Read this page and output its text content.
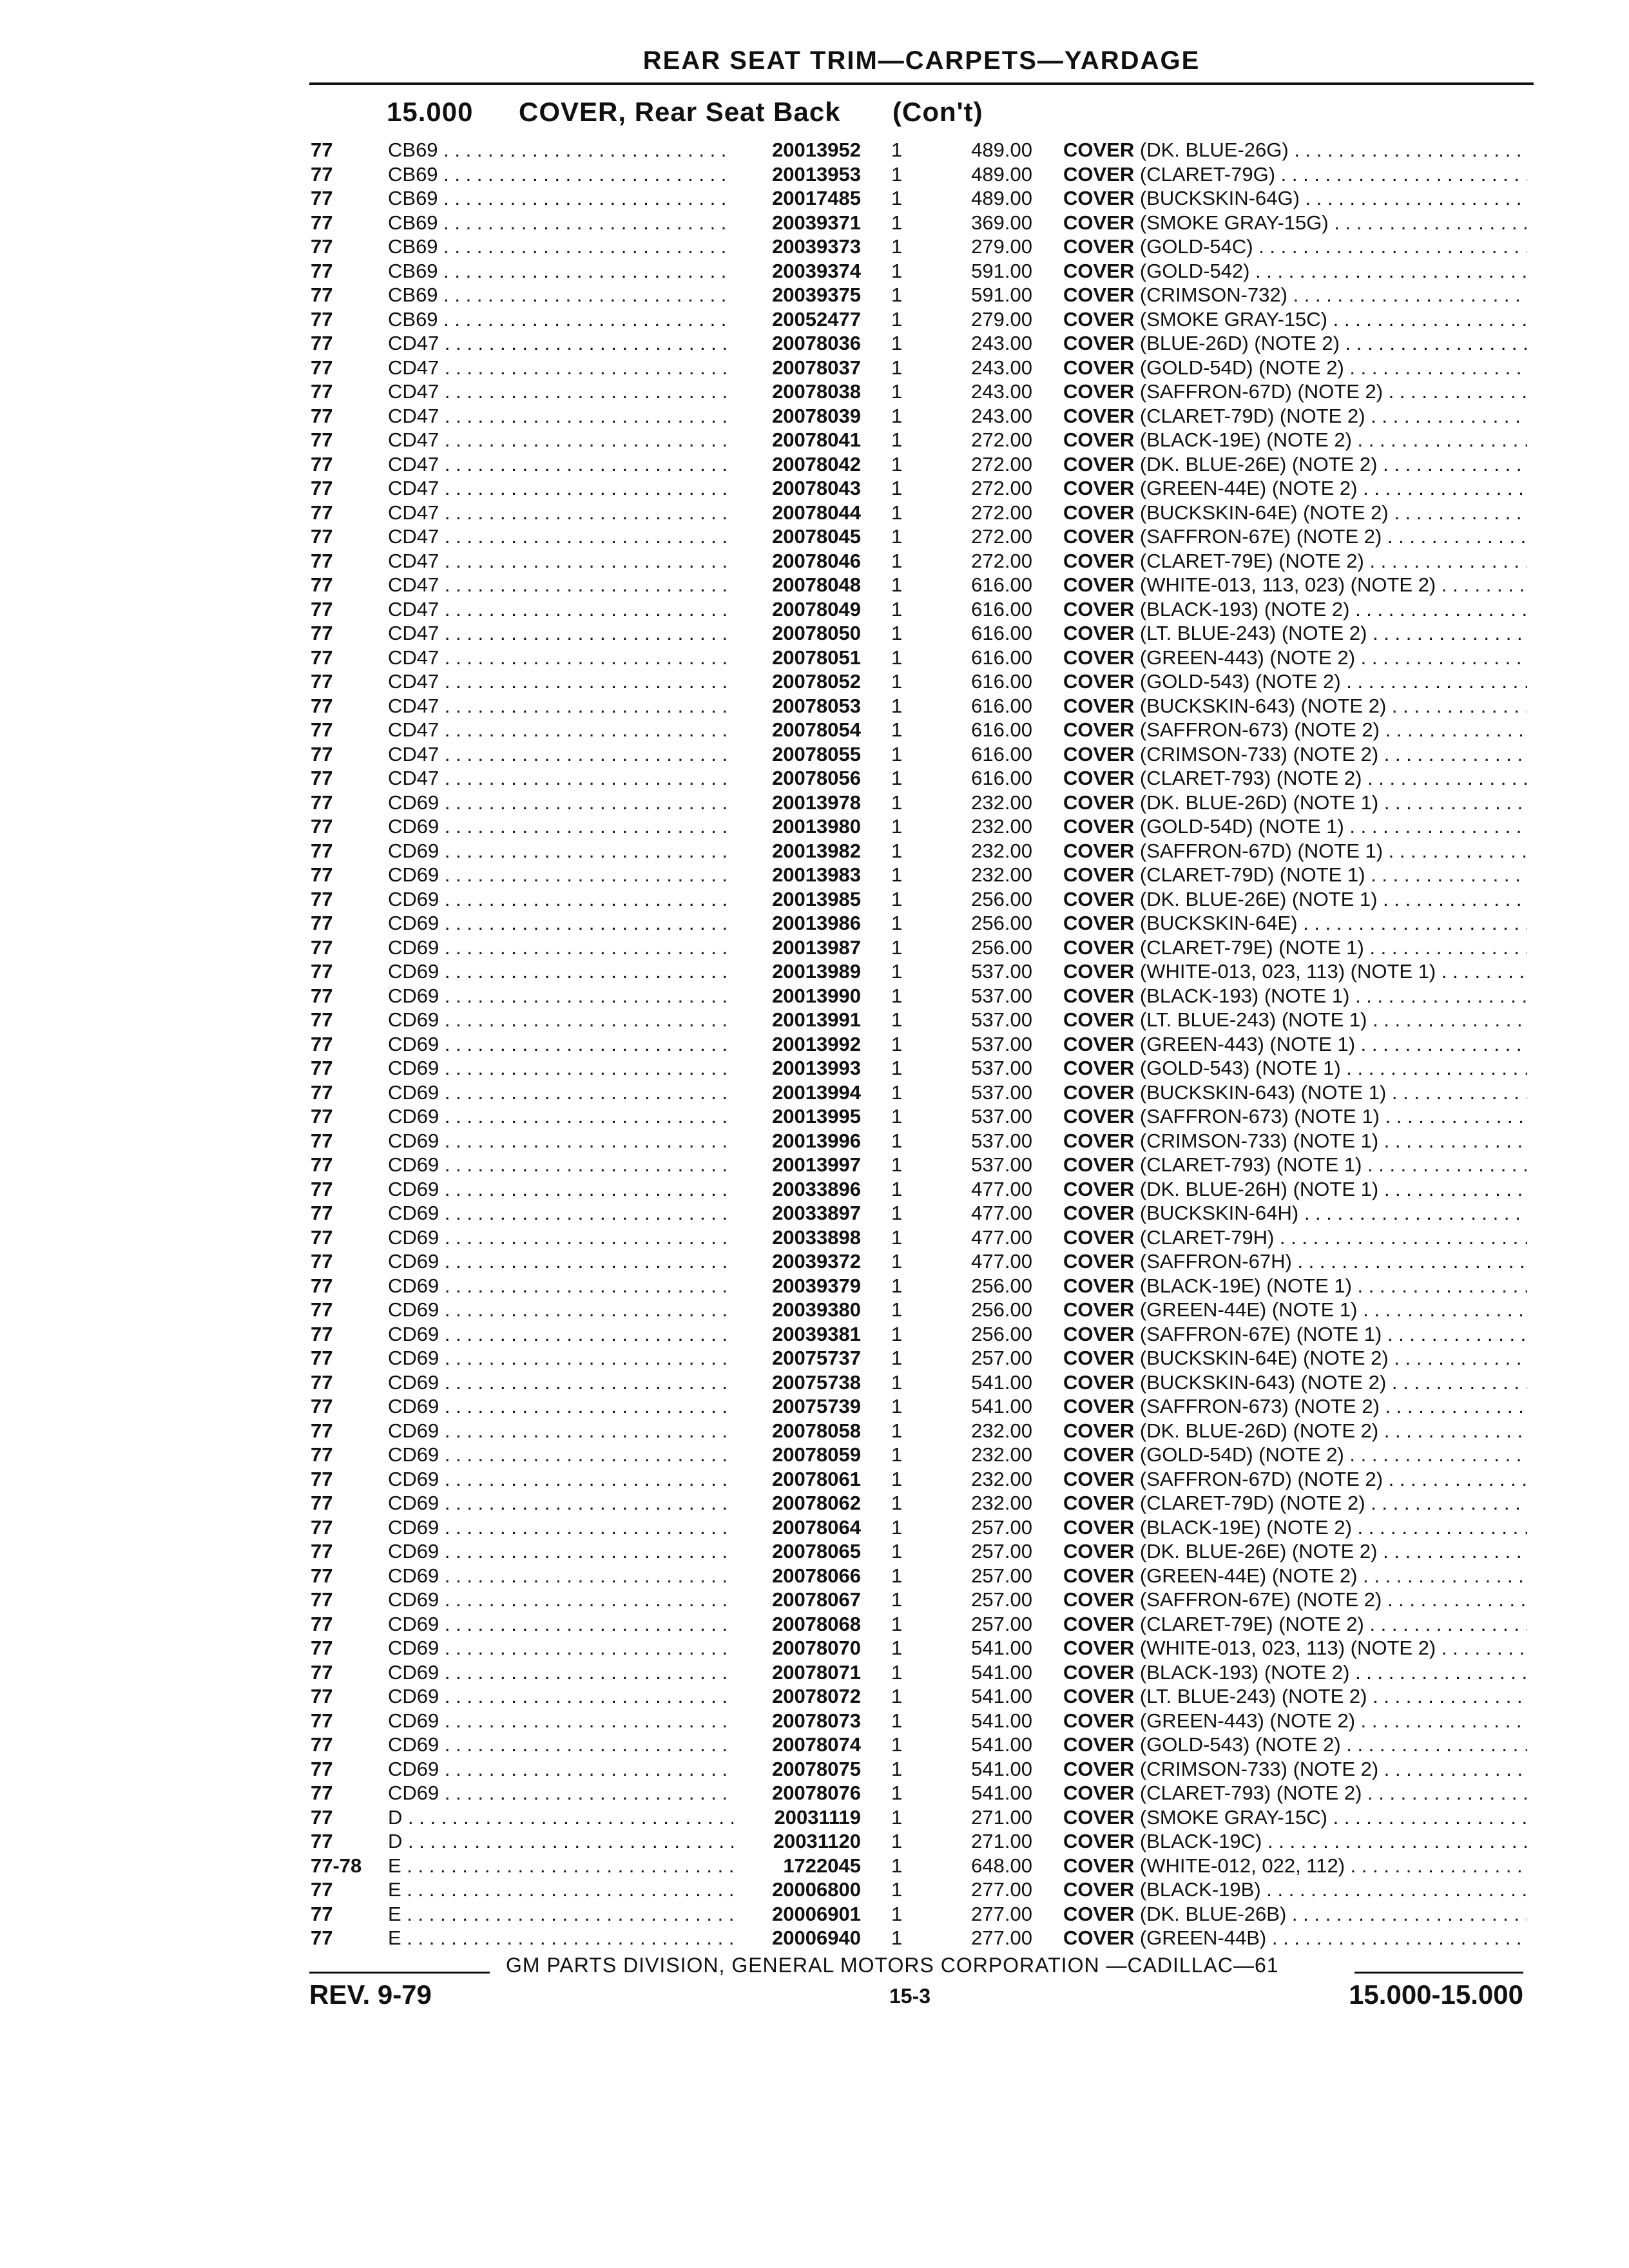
REAR SEAT TRIM—CARPETS—YARDAGE
15.000 COVER, Rear Seat Back (Con't)
77	CB69 . . .	20013952 1	489.00 COVER (DK. BLUE-26G) . . .
77	CB69 . . .	20013953 1	489.00 COVER (CLARET-79G) . . .
77	CB69 . . .	20017485 1	489.00 COVER (BUCKSKIN-64G) . . .
77	CB69 . . .	20039371 1	369.00 COVER (SMOKE GRAY-15G) . . .
77	CB69 . . .	20039373 1	279.00 COVER (GOLD-54C) . . .
77	CB69 . . .	20039374 1	591.00 COVER (GOLD-542) . . .
77	CB69 . . .	20039375 1	591.00 COVER (CRIMSON-732) . . .
77	CB69 . . .	20052477 1	279.00 COVER (SMOKE GRAY-15C) . . .
77	CD47 . . .	20078036 1	243.00 COVER (BLUE-26D) (NOTE 2) . . .
77	CD47 . . .	20078037 1	243.00 COVER (GOLD-54D) (NOTE 2) . . .
77	CD47 . . .	20078038 1	243.00 COVER (SAFFRON-67D) (NOTE 2) . . .
77	CD47 . . .	20078039 1	243.00 COVER (CLARET-79D) (NOTE 2) . . .
77	CD47 . . .	20078041 1	272.00 COVER (BLACK-19E) (NOTE 2) . . .
77	CD47 . . .	20078042 1	272.00 COVER (DK. BLUE-26E) (NOTE 2) . . .
77	CD47 . . .	20078043 1	272.00 COVER (GREEN-44E) (NOTE 2) . . .
77	CD47 . . .	20078044 1	272.00 COVER (BUCKSKIN-64E) (NOTE 2) . . .
77	CD47 . . .	20078045 1	272.00 COVER (SAFFRON-67E) (NOTE 2) . . .
77	CD47 . . .	20078046 1	272.00 COVER (CLARET-79E) (NOTE 2) . . .
77	CD47 . . .	20078048 1	616.00 COVER (WHITE-013, 113, 023) (NOTE 2) . . .
77	CD47 . . .	20078049 1	616.00 COVER (BLACK-193) (NOTE 2) . . .
77	CD47 . . .	20078050 1	616.00 COVER (LT. BLUE-243) (NOTE 2) . . .
77	CD47 . . .	20078051 1	616.00 COVER (GREEN-443) (NOTE 2) . . .
77	CD47 . . .	20078052 1	616.00 COVER (GOLD-543) (NOTE 2) . . .
77	CD47 . . .	20078053 1	616.00 COVER (BUCKSKIN-643) (NOTE 2) . . .
77	CD47 . . .	20078054 1	616.00 COVER (SAFFRON-673) (NOTE 2) . . .
77	CD47 . . .	20078055 1	616.00 COVER (CRIMSON-733) (NOTE 2) . . .
77	CD47 . . .	20078056 1	616.00 COVER (CLARET-793) (NOTE 2) . . .
77	CD69 . . .	20013978 1	232.00 COVER (DK. BLUE-26D) (NOTE 1) . . .
77	CD69 . . .	20013980 1	232.00 COVER (GOLD-54D) (NOTE 1) . . .
77	CD69 . . .	20013982 1	232.00 COVER (SAFFRON-67D) (NOTE 1) . . .
77	CD69 . . .	20013983 1	232.00 COVER (CLARET-79D) (NOTE 1) . . .
77	CD69 . . .	20013985 1	256.00 COVER (DK. BLUE-26E) (NOTE 1) . . .
77	CD69 . . .	20013986 1	256.00 COVER (BUCKSKIN-64E) . . .
77	CD69 . . .	20013987 1	256.00 COVER (CLARET-79E) (NOTE 1) . . .
77	CD69 . . .	20013989 1	537.00 COVER (WHITE-013, 023, 113) (NOTE 1) . . .
77	CD69 . . .	20013990 1	537.00 COVER (BLACK-193) (NOTE 1) . . .
77	CD69 . . .	20013991 1	537.00 COVER (LT. BLUE-243) (NOTE 1) . . .
77	CD69 . . .	20013992 1	537.00 COVER (GREEN-443) (NOTE 1) . . .
77	CD69 . . .	20013993 1	537.00 COVER (GOLD-543) (NOTE 1) . . .
77	CD69 . . .	20013994 1	537.00 COVER (BUCKSKIN-643) (NOTE 1) . . .
77	CD69 . . .	20013995 1	537.00 COVER (SAFFRON-673) (NOTE 1) . . .
77	CD69 . . .	20013996 1	537.00 COVER (CRIMSON-733) (NOTE 1) . . .
77	CD69 . . .	20013997 1	537.00 COVER (CLARET-793) (NOTE 1) . . .
77	CD69 . . .	20033896 1	477.00 COVER (DK. BLUE-26H) (NOTE 1) . . .
77	CD69 . . .	20033897 1	477.00 COVER (BUCKSKIN-64H) . . .
77	CD69 . . .	20033898 1	477.00 COVER (CLARET-79H) . . .
77	CD69 . . .	20039372 1	477.00 COVER (SAFFRON-67H) . . .
77	CD69 . . .	20039379 1	256.00 COVER (BLACK-19E) (NOTE 1) . . .
77	CD69 . . .	20039380 1	256.00 COVER (GREEN-44E) (NOTE 1) . . .
77	CD69 . . .	20039381 1	256.00 COVER (SAFFRON-67E) (NOTE 1) . . .
77	CD69 . . .	20075737 1	257.00 COVER (BUCKSKIN-64E) (NOTE 2) . . .
77	CD69 . . .	20075738 1	541.00 COVER (BUCKSKIN-643) (NOTE 2) . . .
77	CD69 . . .	20075739 1	541.00 COVER (SAFFRON-673) (NOTE 2) . . .
77	CD69 . . .	20078058 1	232.00 COVER (DK. BLUE-26D) (NOTE 2) . . .
77	CD69 . . .	20078059 1	232.00 COVER (GOLD-54D) (NOTE 2) . . .
77	CD69 . . .	20078061 1	232.00 COVER (SAFFRON-67D) (NOTE 2) . . .
77	CD69 . . .	20078062 1	232.00 COVER (CLARET-79D) (NOTE 2) . . .
77	CD69 . . .	20078064 1	257.00 COVER (BLACK-19E) (NOTE 2) . . .
77	CD69 . . .	20078065 1	257.00 COVER (DK. BLUE-26E) (NOTE 2) . . .
77	CD69 . . .	20078066 1	257.00 COVER (GREEN-44E) (NOTE 2) . . .
77	CD69 . . .	20078067 1	257.00 COVER (SAFFRON-67E) (NOTE 2) . . .
77	CD69 . . .	20078068 1	257.00 COVER (CLARET-79E) (NOTE 2) . . .
77	CD69 . . .	20078070 1	541.00 COVER (WHITE-013, 023, 113) (NOTE 2) . . .
77	CD69 . . .	20078071 1	541.00 COVER (BLACK-193) (NOTE 2) . . .
77	CD69 . . .	20078072 1	541.00 COVER (LT. BLUE-243) (NOTE 2) . . .
77	CD69 . . .	20078073 1	541.00 COVER (GREEN-443) (NOTE 2) . . .
77	CD69 . . .	20078074 1	541.00 COVER (GOLD-543) (NOTE 2) . . .
77	CD69 . . .	20078075 1	541.00 COVER (CRIMSON-733) (NOTE 2) . . .
77	CD69 . . .	20078076 1	541.00 COVER (CLARET-793) (NOTE 2) . . .
77	D . . .	20031119 1	271.00 COVER (SMOKE GRAY-15C) . . .
77	D . . .	20031120 1	271.00 COVER (BLACK-19C) . . .
77-78 E . . .	1722045 1	648.00 COVER (WHITE-012, 022, 112) . . .
77	E . . .	20006800 1	277.00 COVER (BLACK-19B) . . .
77	E . . .	20006901 1	277.00 COVER (DK. BLUE-26B) . . .
77	E . . .	20006940 1	277.00 COVER (GREEN-44B) . . .
GM PARTS DIVISION, GENERAL MOTORS CORPORATION —CADILLAC—61
REV. 9-79	15-3	15.000-15.000
